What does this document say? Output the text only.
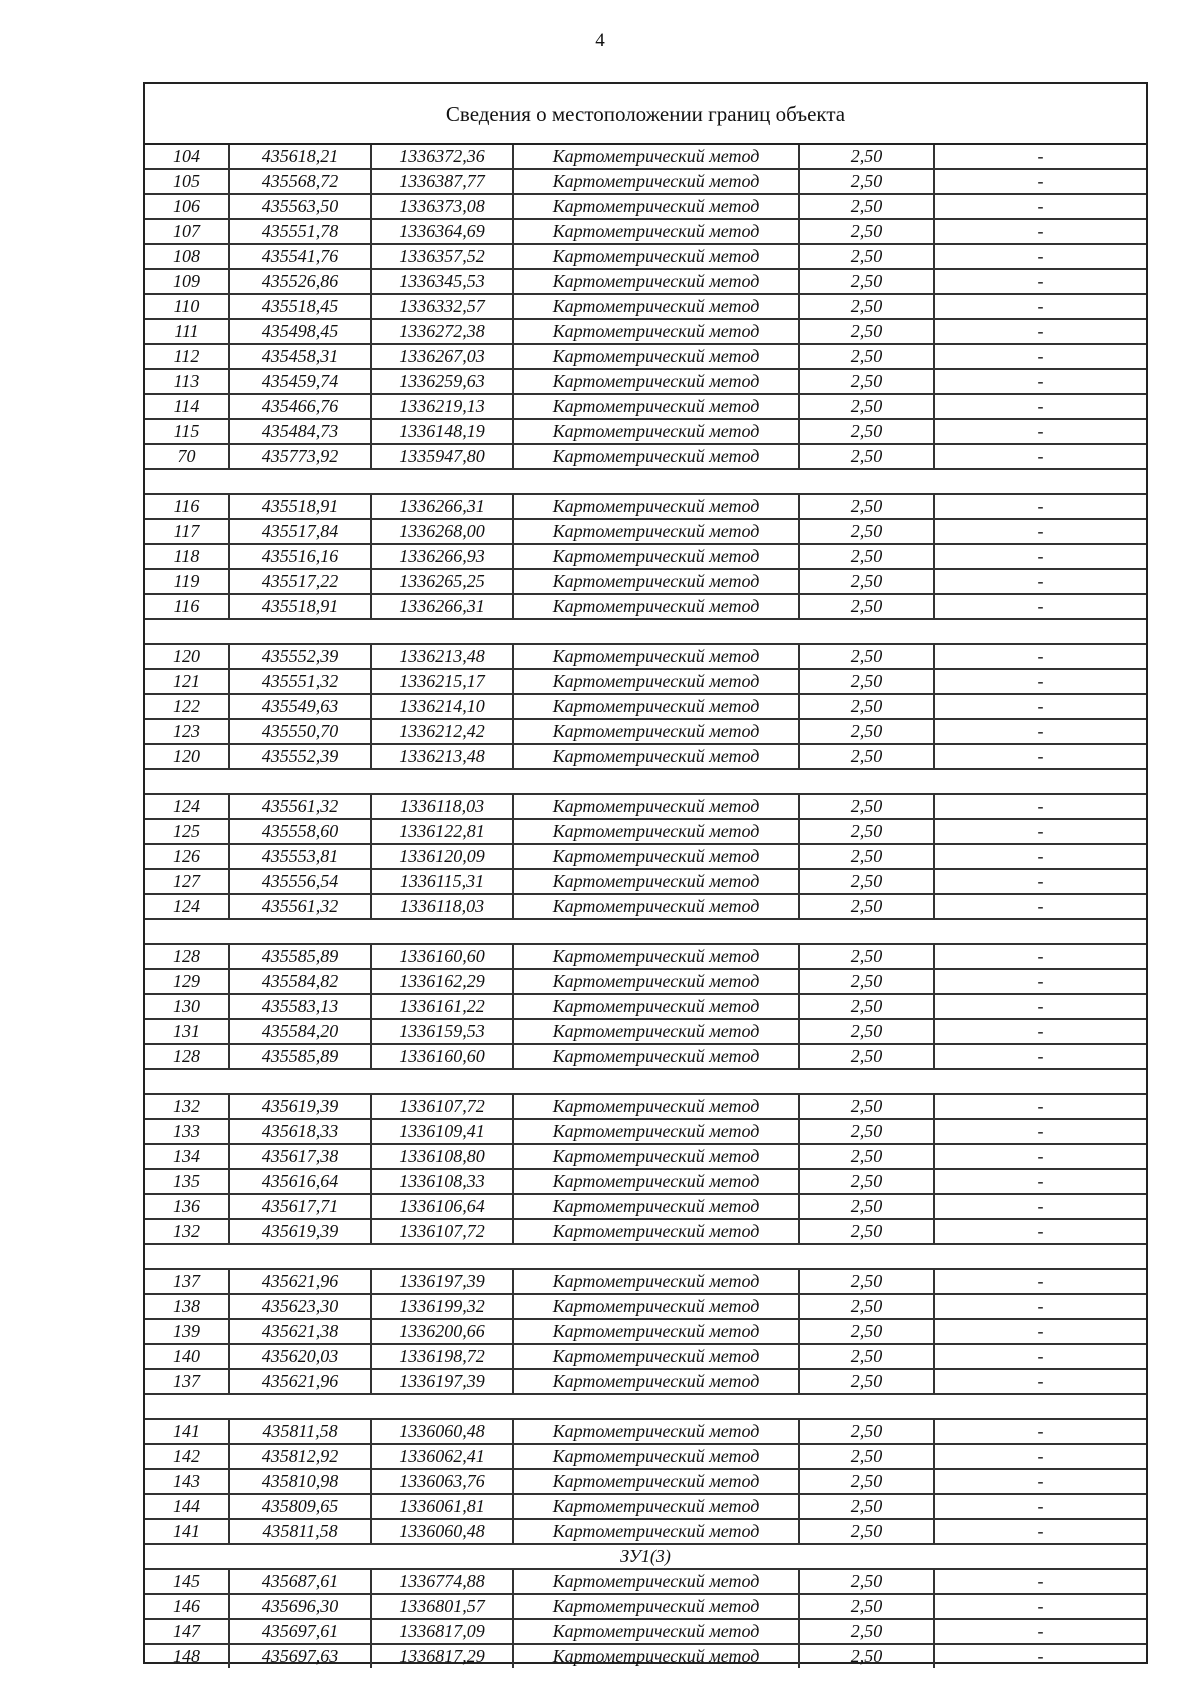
4
Сведения о местоположении границ объекта
104	435618,21	1336372,36	Картометрический метод	2,50	-
105	435568,72	1336387,77	Картометрический метод	2,50	-
106	435563,50	1336373,08	Картометрический метод	2,50	-
107	435551,78	1336364,69	Картометрический метод	2,50	-
108	435541,76	1336357,52	Картометрический метод	2,50	-
109	435526,86	1336345,53	Картометрический метод	2,50	-
110	435518,45	1336332,57	Картометрический метод	2,50	-
111	435498,45	1336272,38	Картометрический метод	2,50	-
112	435458,31	1336267,03	Картометрический метод	2,50	-
113	435459,74	1336259,63	Картометрический метод	2,50	-
114	435466,76	1336219,13	Картометрический метод	2,50	-
115	435484,73	1336148,19	Картометрический метод	2,50	-
70	435773,92	1335947,80	Картометрический метод	2,50	-
116	435518,91	1336266,31	Картометрический метод	2,50	-
117	435517,84	1336268,00	Картометрический метод	2,50	-
118	435516,16	1336266,93	Картометрический метод	2,50	-
119	435517,22	1336265,25	Картометрический метод	2,50	-
116	435518,91	1336266,31	Картометрический метод	2,50	-
120	435552,39	1336213,48	Картометрический метод	2,50	-
121	435551,32	1336215,17	Картометрический метод	2,50	-
122	435549,63	1336214,10	Картометрический метод	2,50	-
123	435550,70	1336212,42	Картометрический метод	2,50	-
120	435552,39	1336213,48	Картометрический метод	2,50	-
124	435561,32	1336118,03	Картометрический метод	2,50	-
125	435558,60	1336122,81	Картометрический метод	2,50	-
126	435553,81	1336120,09	Картометрический метод	2,50	-
127	435556,54	1336115,31	Картометрический метод	2,50	-
124	435561,32	1336118,03	Картометрический метод	2,50	-
128	435585,89	1336160,60	Картометрический метод	2,50	-
129	435584,82	1336162,29	Картометрический метод	2,50	-
130	435583,13	1336161,22	Картометрический метод	2,50	-
131	435584,20	1336159,53	Картометрический метод	2,50	-
128	435585,89	1336160,60	Картометрический метод	2,50	-
132	435619,39	1336107,72	Картометрический метод	2,50	-
133	435618,33	1336109,41	Картометрический метод	2,50	-
134	435617,38	1336108,80	Картометрический метод	2,50	-
135	435616,64	1336108,33	Картометрический метод	2,50	-
136	435617,71	1336106,64	Картометрический метод	2,50	-
132	435619,39	1336107,72	Картометрический метод	2,50	-
137	435621,96	1336197,39	Картометрический метод	2,50	-
138	435623,30	1336199,32	Картометрический метод	2,50	-
139	435621,38	1336200,66	Картометрический метод	2,50	-
140	435620,03	1336198,72	Картометрический метод	2,50	-
137	435621,96	1336197,39	Картометрический метод	2,50	-
141	435811,58	1336060,48	Картометрический метод	2,50	-
142	435812,92	1336062,41	Картометрический метод	2,50	-
143	435810,98	1336063,76	Картометрический метод	2,50	-
144	435809,65	1336061,81	Картометрический метод	2,50	-
141	435811,58	1336060,48	Картометрический метод	2,50	-
ЗУ1(3)
145	435687,61	1336774,88	Картометрический метод	2,50	-
146	435696,30	1336801,57	Картометрический метод	2,50	-
147	435697,61	1336817,09	Картометрический метод	2,50	-
148	435697,63	1336817,29	Картометрический метод	2,50	-
